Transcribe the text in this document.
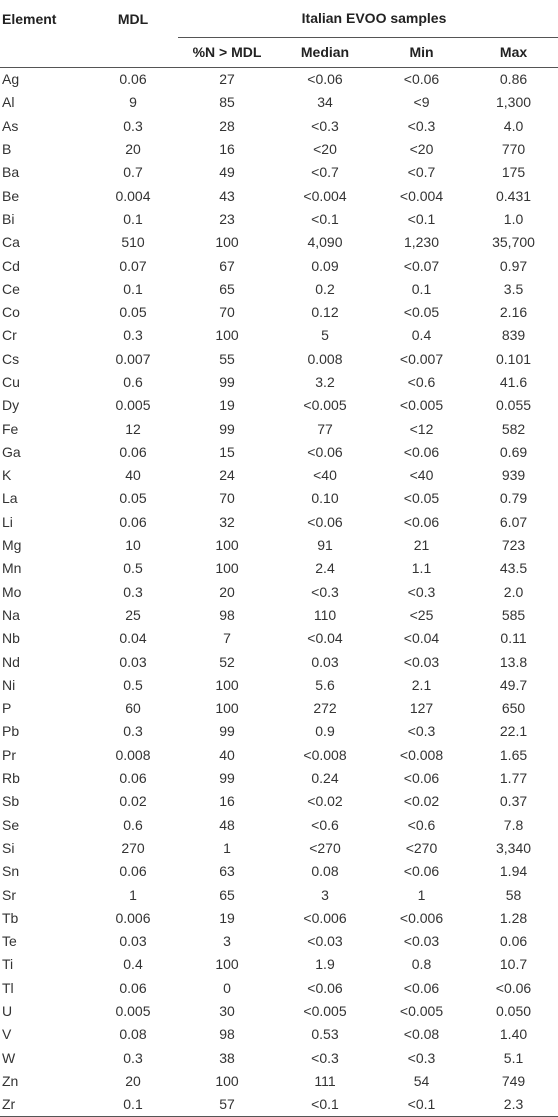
Element	MDL	Italian EVOO samples			
		%N > MDL	Median	Min	Max
Ag	0.06	27	<0.06	<0.06	0.86
Al	9	85	34	<9	1,300
As	0.3	28	<0.3	<0.3	4.0
B	20	16	<20	<20	770
Ba	0.7	49	<0.7	<0.7	175
Be	0.004	43	<0.004	<0.004	0.431
Bi	0.1	23	<0.1	<0.1	1.0
Ca	510	100	4,090	1,230	35,700
Cd	0.07	67	0.09	<0.07	0.97
Ce	0.1	65	0.2	0.1	3.5
Co	0.05	70	0.12	<0.05	2.16
Cr	0.3	100	5	0.4	839
Cs	0.007	55	0.008	<0.007	0.101
Cu	0.6	99	3.2	<0.6	41.6
Dy	0.005	19	<0.005	<0.005	0.055
Fe	12	99	77	<12	582
Ga	0.06	15	<0.06	<0.06	0.69
K	40	24	<40	<40	939
La	0.05	70	0.10	<0.05	0.79
Li	0.06	32	<0.06	<0.06	6.07
Mg	10	100	91	21	723
Mn	0.5	100	2.4	1.1	43.5
Mo	0.3	20	<0.3	<0.3	2.0
Na	25	98	110	<25	585
Nb	0.04	7	<0.04	<0.04	0.11
Nd	0.03	52	0.03	<0.03	13.8
Ni	0.5	100	5.6	2.1	49.7
P	60	100	272	127	650
Pb	0.3	99	0.9	<0.3	22.1
Pr	0.008	40	<0.008	<0.008	1.65
Rb	0.06	99	0.24	<0.06	1.77
Sb	0.02	16	<0.02	<0.02	0.37
Se	0.6	48	<0.6	<0.6	7.8
Si	270	1	<270	<270	3,340
Sn	0.06	63	0.08	<0.06	1.94
Sr	1	65	3	1	58
Tb	0.006	19	<0.006	<0.006	1.28
Te	0.03	3	<0.03	<0.03	0.06
Ti	0.4	100	1.9	0.8	10.7
Tl	0.06	0	<0.06	<0.06	<0.06
U	0.005	30	<0.005	<0.005	0.050
V	0.08	98	0.53	<0.08	1.40
W	0.3	38	<0.3	<0.3	5.1
Zn	20	100	111	54	749
Zr	0.1	57	<0.1	<0.1	2.3
